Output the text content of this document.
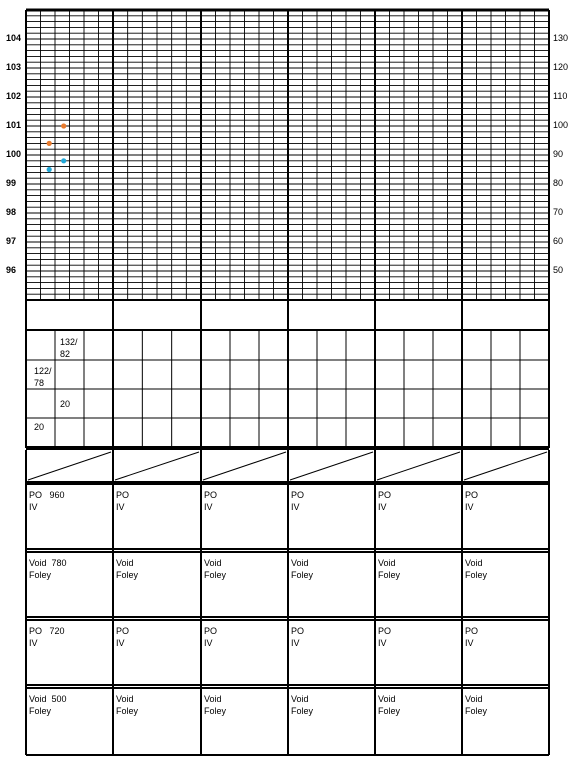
104
103
102
101
100
99
98
97
96
130
120
110
100
90
80
70
60
50
132/
82
122/
78
20
20
PO   960
IV
PO
IV
PO
IV
PO
IV
PO
IV
PO
IV
Void  780
Foley
Void
Foley
Void
Foley
Void
Foley
Void
Foley
Void
Foley
PO   720
IV
PO
IV
PO
IV
PO
IV
PO
IV
PO
IV
Void  500
Foley
Void
Foley
Void
Foley
Void
Foley
Void
Foley
Void
Foley
